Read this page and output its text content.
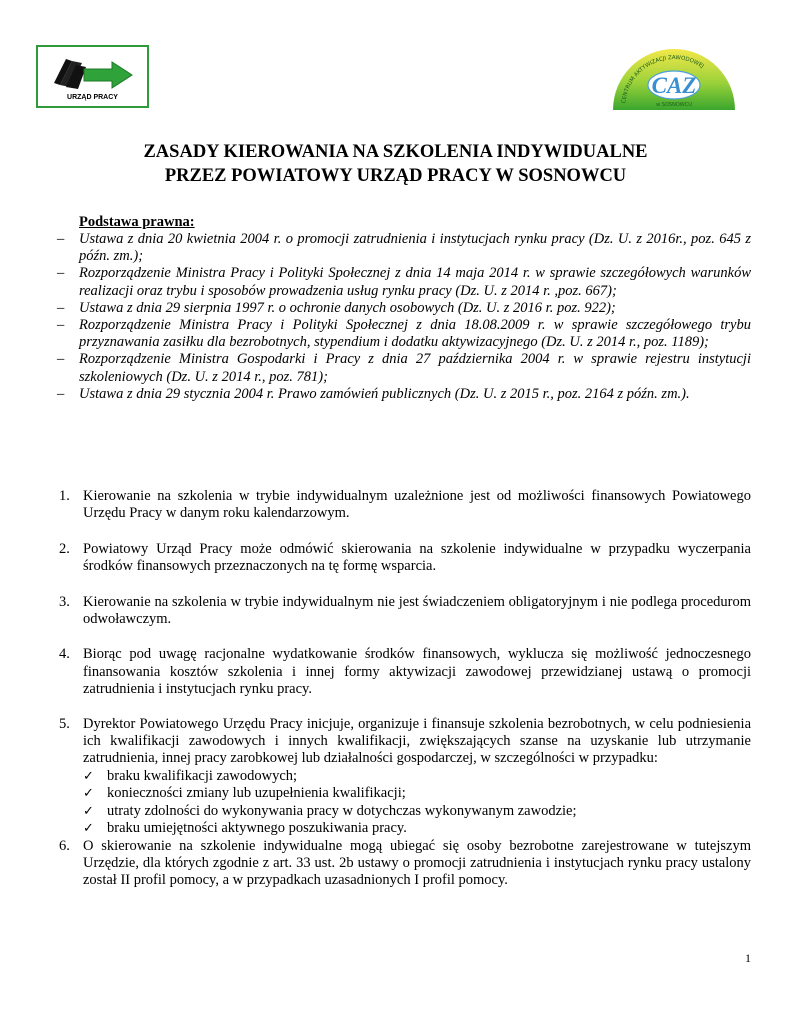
URZĄD PRACY
CENTRUM AKTYWIZACJI ZAWODOWEJ
CAZ
w SOSNOWCU
ZASADY KIEROWANIA NA SZKOLENIA INDYWIDUALNE
PRZEZ POWIATOWY URZĄD PRACY W SOSNOWCU
Podstawa prawna:
– Ustawa z dnia 20 kwietnia 2004 r. o promocji zatrudnienia i instytucjach rynku pracy (Dz. U. z 2016r., poz. 645 z późn. zm.);
– Rozporządzenie Ministra Pracy i Polityki Społecznej z dnia 14 maja 2014 r. w sprawie szczegółowych warunków realizacji oraz trybu i sposobów prowadzenia usług rynku pracy (Dz. U. z 2014 r. ,poz. 667);
– Ustawa z dnia 29 sierpnia 1997 r. o ochronie danych osobowych (Dz. U. z 2016 r. poz. 922);
– Rozporządzenie Ministra Pracy i Polityki Społecznej z dnia 18.08.2009 r. w sprawie szczegółowego trybu przyznawania zasiłku dla bezrobotnych, stypendium i dodatku aktywizacyjnego (Dz. U. z 2014 r., poz. 1189);
– Rozporządzenie Ministra Gospodarki i Pracy z dnia 27 października 2004 r. w sprawie rejestru instytucji szkoleniowych (Dz. U. z 2014 r., poz. 781);
– Ustawa z dnia 29 stycznia 2004 r. Prawo zamówień publicznych (Dz. U. z 2015 r., poz. 2164 z późn. zm.).
1. Kierowanie na szkolenia w trybie indywidualnym uzależnione jest od możliwości finansowych Powiatowego Urzędu Pracy w danym roku kalendarzowym.
2. Powiatowy Urząd Pracy może odmówić skierowania na szkolenie indywidualne w przypadku wyczerpania środków finansowych przeznaczonych na tę formę wsparcia.
3. Kierowanie na szkolenia w trybie indywidualnym nie jest świadczeniem obligatoryjnym i nie podlega procedurom odwoławczym.
4. Biorąc pod uwagę racjonalne wydatkowanie środków finansowych, wyklucza się możliwość jednoczesnego finansowania kosztów szkolenia i innej formy aktywizacji zawodowej przewidzianej ustawą o promocji zatrudnienia i instytucjach rynku pracy.
5. Dyrektor Powiatowego Urzędu Pracy inicjuje, organizuje i finansuje szkolenia bezrobotnych, w celu podniesienia ich kwalifikacji zawodowych i innych kwalifikacji, zwiększających szanse na uzyskanie lub utrzymanie zatrudnienia, innej pracy zarobkowej lub działalności gospodarczej, w szczególności w przypadku:
✓ braku kwalifikacji zawodowych;
✓ konieczności zmiany lub uzupełnienia kwalifikacji;
✓ utraty zdolności do wykonywania pracy w dotychczas wykonywanym zawodzie;
✓ braku umiejętności aktywnego poszukiwania pracy.
6. O skierowanie na szkolenie indywidualne mogą ubiegać się osoby bezrobotne zarejestrowane w tutejszym Urzędzie, dla których zgodnie z art. 33 ust. 2b ustawy o promocji zatrudnienia i instytucjach rynku pracy ustalony został II profil pomocy, a w przypadkach uzasadnionych I profil pomocy.
1
